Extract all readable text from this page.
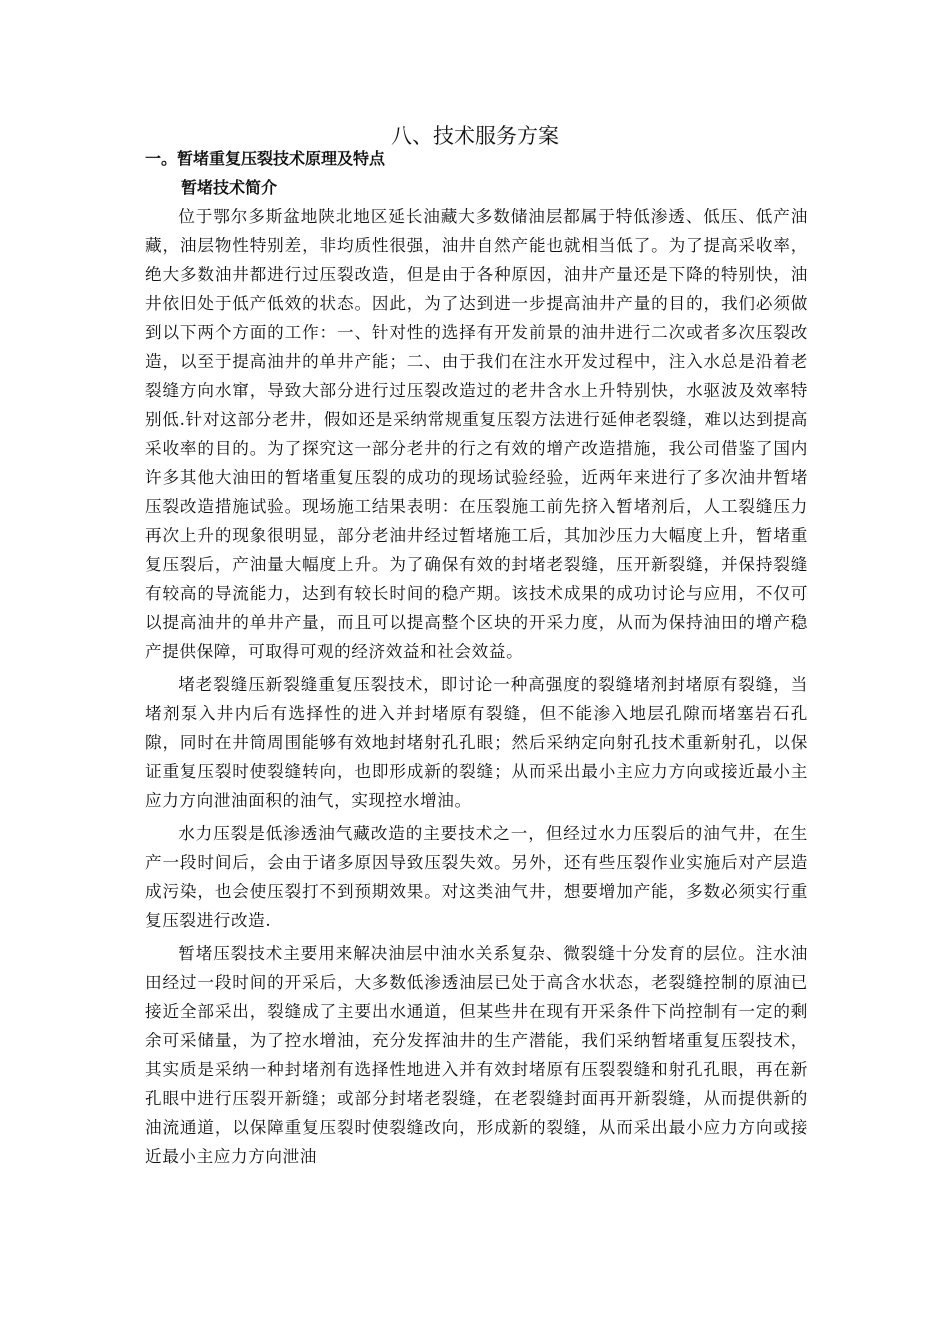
八、技术服务方案
一。暂堵重复压裂技术原理及特点
暂堵技术简介

位于鄂尔多斯盆地陕北地区延长油藏大多数储油层都属于特低渗透、低压、低产油藏，油层物性特别差，非均质性很强，油井自然产能也就相当低了。为了提高采收率，绝大多数油井都进行过压裂改造，但是由于各种原因，油井产量还是下降的特别快，油井依旧处于低产低效的状态。因此，为了达到进一步提高油井产量的目的，我们必须做到以下两个方面的工作：一、针对性的选择有开发前景的油井进行二次或者多次压裂改造，以至于提高油井的单井产能；二、由于我们在注水开发过程中，注入水总是沿着老裂缝方向水窜，导致大部分进行过压裂改造过的老井含水上升特别快，水驱波及效率特别低.针对这部分老井，假如还是采纳常规重复压裂方法进行延伸老裂缝，难以达到提高采收率的目的。为了探究这一部分老井的行之有效的增产改造措施，我公司借鉴了国内许多其他大油田的暂堵重复压裂的成功的现场试验经验，近两年来进行了多次油井暂堵压裂改造措施试验。现场施工结果表明：在压裂施工前先挤入暂堵剂后，人工裂缝压力再次上升的现象很明显，部分老油井经过暂堵施工后，其加沙压力大幅度上升，暂堵重复压裂后，产油量大幅度上升。为了确保有效的封堵老裂缝，压开新裂缝，并保持裂缝有较高的导流能力，达到有较长时间的稳产期。该技术成果的成功讨论与应用，不仅可以提高油井的单井产量，而且可以提高整个区块的开采力度，从而为保持油田的增产稳产提供保障，可取得可观的经济效益和社会效益。

堵老裂缝压新裂缝重复压裂技术，即讨论一种高强度的裂缝堵剂封堵原有裂缝，当堵剂泵入井内后有选择性的进入并封堵原有裂缝，但不能渗入地层孔隙而堵塞岩石孔隙，同时在井筒周围能够有效地封堵射孔孔眼；然后采纳定向射孔技术重新射孔，以保证重复压裂时使裂缝转向，也即形成新的裂缝；从而采出最小主应力方向或接近最小主应力方向泄油面积的油气，实现控水增油。

水力压裂是低渗透油气藏改造的主要技术之一，但经过水力压裂后的油气井，在生产一段时间后，会由于诸多原因导致压裂失效。另外，还有些压裂作业实施后对产层造成污染，也会使压裂打不到预期效果。对这类油气井，想要增加产能，多数必须实行重复压裂进行改造.

暂堵压裂技术主要用来解决油层中油水关系复杂、微裂缝十分发育的层位。注水油田经过一段时间的开采后，大多数低渗透油层已处于高含水状态，老裂缝控制的原油已接近全部采出，裂缝成了主要出水通道，但某些井在现有开采条件下尚控制有一定的剩余可采储量，为了控水增油，充分发挥油井的生产潜能，我们采纳暂堵重复压裂技术，其实质是采纳一种封堵剂有选择性地进入并有效封堵原有压裂裂缝和射孔孔眼，再在新孔眼中进行压裂开新缝；或部分封堵老裂缝，在老裂缝封面再开新裂缝，从而提供新的油流通道，以保障重复压裂时使裂缝改向，形成新的裂缝，从而采出最小应力方向或接近最小主应力方向泄油
